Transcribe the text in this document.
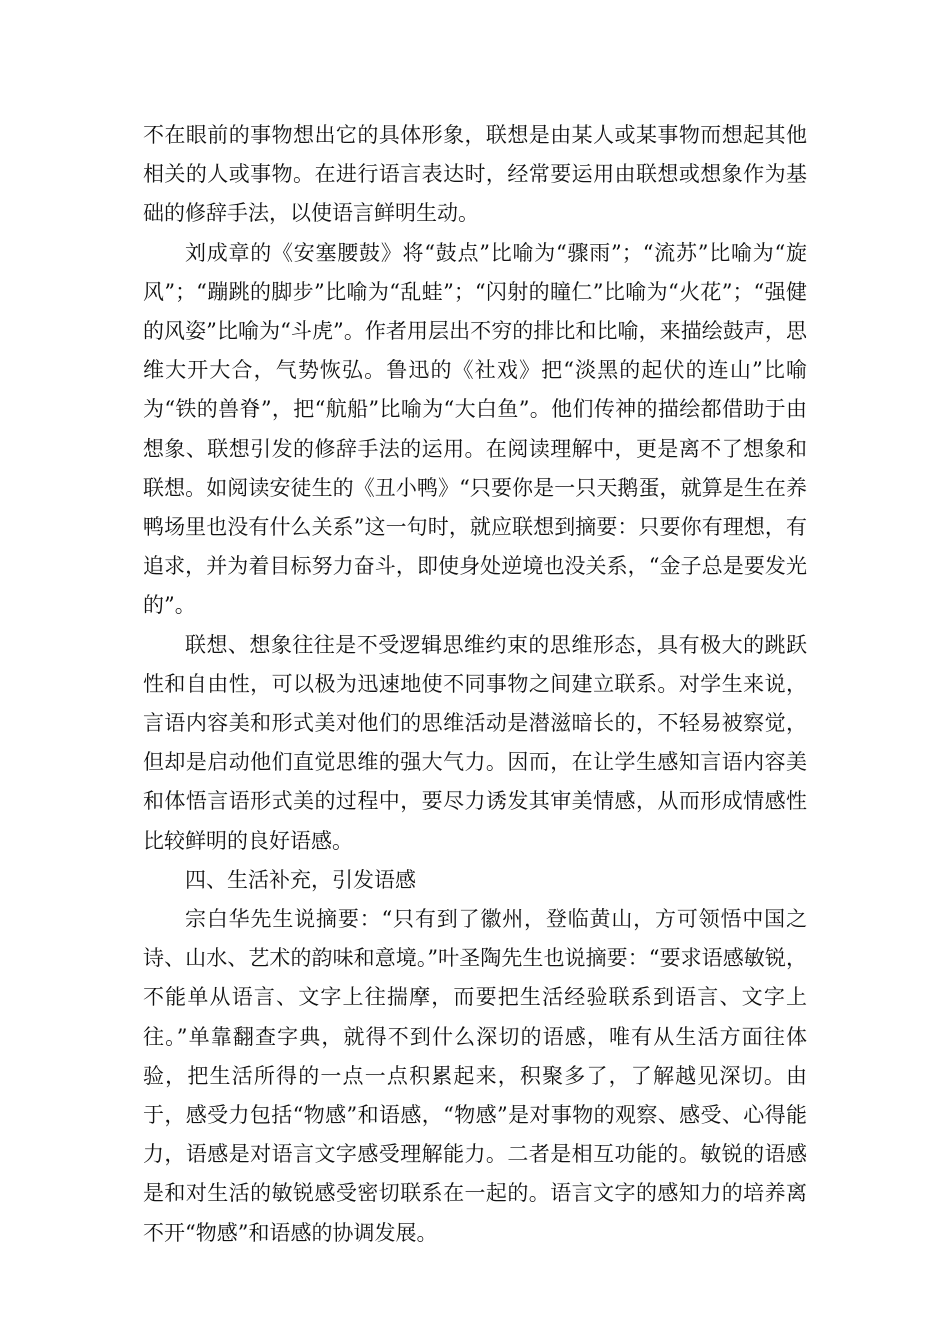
不在眼前的事物想出它的具体形象，联想是由某人或某事物而想起其他相关的人或事物。在进行语言表达时，经常要运用由联想或想象作为基础的修辞手法，以使语言鲜明生动。

刘成章的《安塞腰鼓》将“鼓点”比喻为“骤雨”；“流苏”比喻为“旋风”；“蹦跳的脚步”比喻为“乱蛙”；“闪射的瞳仁”比喻为“火花”；“强健的风姿”比喻为“斗虎”。作者用层出不穷的排比和比喻，来描绘鼓声，思维大开大合，气势恢弘。鲁迅的《社戏》把“淡黑的起伏的连山”比喻为“铁的兽脊”，把“航船”比喻为“大白鱼”。他们传神的描绘都借助于由想象、联想引发的修辞手法的运用。在阅读理解中，更是离不了想象和联想。如阅读安徒生的《丑小鸭》“只要你是一只天鹅蛋，就算是生在养鸭场里也没有什么关系”这一句时，就应联想到摘要：只要你有理想，有追求，并为着目标努力奋斗，即使身处逆境也没关系，“金子总是要发光的”。

联想、想象往往是不受逻辑思维约束的思维形态，具有极大的跳跃性和自由性，可以极为迅速地使不同事物之间建立联系。对学生来说，言语内容美和形式美对他们的思维活动是潜滋暗长的，不轻易被察觉，但却是启动他们直觉思维的强大气力。因而，在让学生感知言语内容美和体悟言语形式美的过程中，要尽力诱发其审美情感，从而形成情感性比较鲜明的良好语感。

四、生活补充，引发语感

宗白华先生说摘要：“只有到了徽州，登临黄山，方可领悟中国之诗、山水、艺术的韵味和意境。”叶圣陶先生也说摘要：“要求语感敏锐，不能单从语言、文字上往揣摩，而要把生活经验联系到语言、文字上往。”单靠翻查字典，就得不到什么深切的语感，唯有从生活方面往体验，把生活所得的一点一点积累起来，积聚多了，了解越见深切。由于，感受力包括“物感”和语感，“物感”是对事物的观察、感受、心得能力，语感是对语言文字感受理解能力。二者是相互功能的。敏锐的语感是和对生活的敏锐感受密切联系在一起的。语言文字的感知力的培养离不开“物感”和语感的协调发展。
